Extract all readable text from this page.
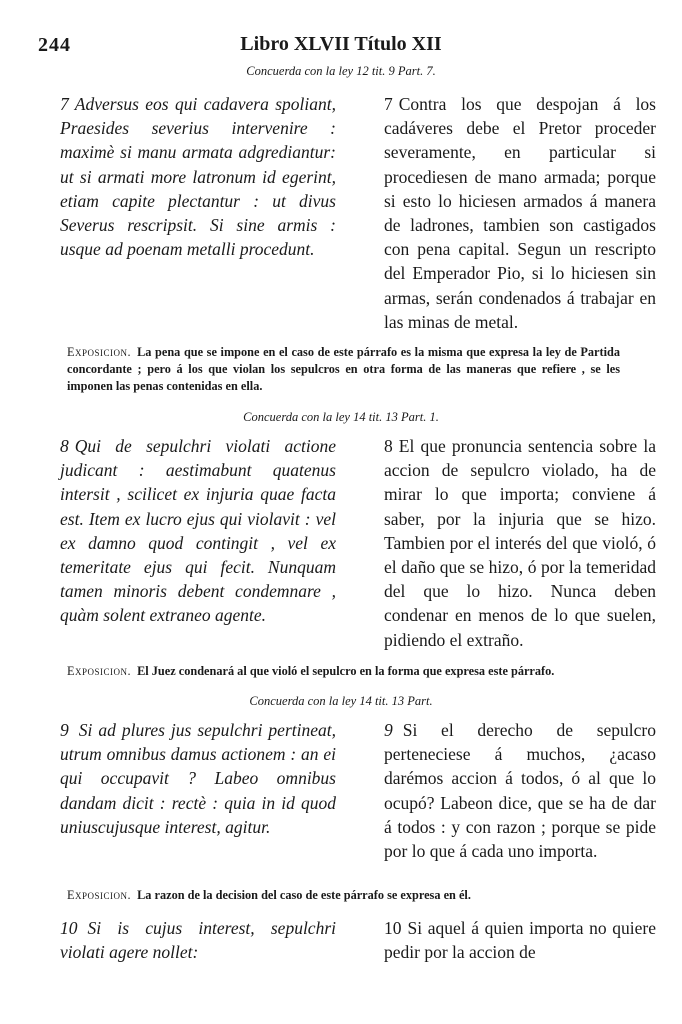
244	Libro XLVII Título XII
Concuerda con la ley 12 tit. 9 Part. 7.
7 Adversus eos qui cadavera spoliant, Praesides severius intervenire : maximè si manu armata adgrediantur: ut si armati more latronum id egerint, etiam capite plectantur : ut divus Severus rescripsit. Si sine armis : usque ad poenam metalli procedunt.
7 Contra los que despojan á los cadáveres debe el Pretor proceder severamente, en particular si procediesen de mano armada; porque si esto lo hiciesen armados á manera de ladrones, tambien son castigados con pena capital. Segun un rescripto del Emperador Pio, si lo hiciesen sin armas, serán condenados á trabajar en las minas de metal.
Exposicion. La pena que se impone en el caso de este párrafo es la misma que expresa la ley de Partida concordante ; pero á los que violan los sepulcros en otra forma de las maneras que refiere , se les imponen las penas contenidas en ella.
Concuerda con la ley 14 tit. 13 Part. 1.
8 Qui de sepulchri violati actione judicant : aestimabunt quatenus intersit , scilicet ex injuria quae facta est. Item ex lucro ejus qui violavit : vel ex damno quod contingit , vel ex temeritate ejus qui fecit. Nunquam tamen minoris debent condemnare , quàm solent extraneo agente.
8 El que pronuncia sentencia sobre la accion de sepulcro violado, ha de mirar lo que importa; conviene á saber, por la injuria que se hizo. Tambien por el interés del que violó, ó el daño que se hizo, ó por la temeridad del que lo hizo. Nunca deben condenar en menos de lo que suelen, pidiendo el extraño.
Exposicion. El Juez condenará al que violó el sepulcro en la forma que expresa este párrafo.
Concuerda con la ley 14 tit. 13 Part.
9 Si ad plures jus sepulchri pertineat, utrum omnibus damus actionem : an ei qui occupavit ? Labeo omnibus dandam dicit : rectè : quia in id quod uniuscujusque interest, agitur.
9 Si el derecho de sepulcro perteneciese á muchos, ¿acaso darémos accion á todos, ó al que lo ocupó? Labeon dice, que se ha de dar á todos : y con razon ; porque se pide por lo que á cada uno importa.
Exposicion. La razon de la decision del caso de este párrafo se expresa en él.
10 Si is cujus interest, sepulchri violati agere nollet:
10 Si aquel á quien importa no quiere pedir por la accion de
